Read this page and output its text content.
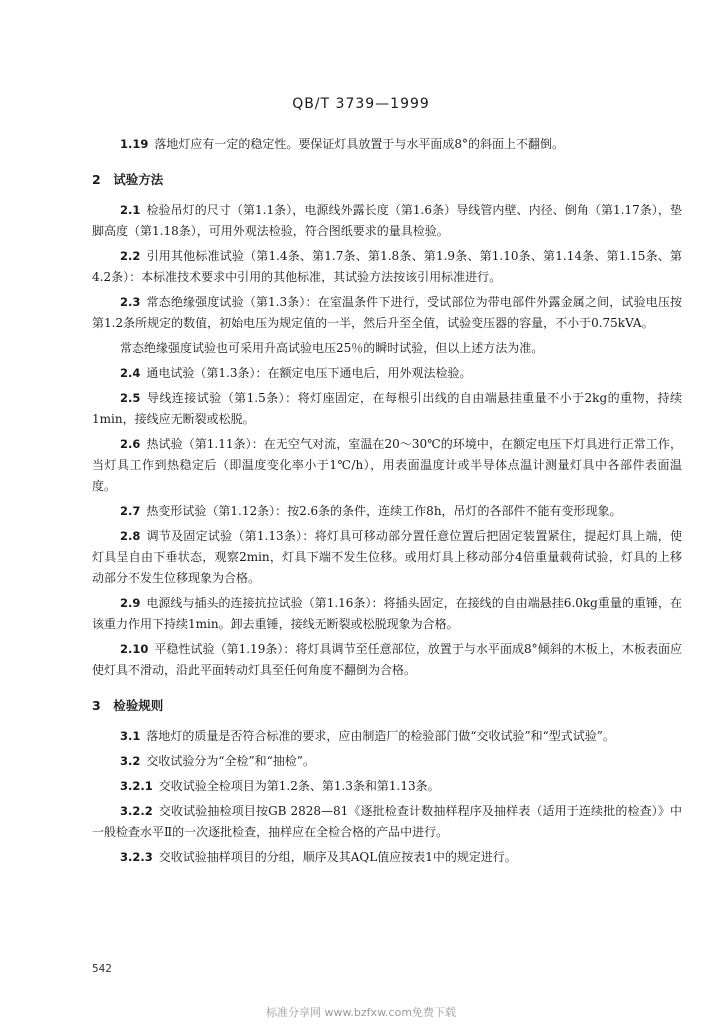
QB/T 3739—1999

1.19 落地灯应有一定的稳定性。要保证灯具放置于与水平面成8°的斜面上不翻倒。

2　试验方法

2.1 检验吊灯的尺寸（第1.1条），电源线外露长度（第1.6条）导线管内壁、内径、倒角（第1.17条），垫脚高度（第1.18条），可用外观法检验，符合图纸要求的量具检验。

2.2 引用其他标准试验（第1.4条、第1.7条、第1.8条、第1.9条、第1.10条、第1.14条、第1.15条、第4.2条）：本标准技术要求中引用的其他标准，其试验方法按该引用标准进行。

2.3 常态绝缘强度试验（第1.3条）：在室温条件下进行，受试部位为带电部件外露金属之间，试验电压按第1.2条所规定的数值，初始电压为规定值的一半，然后升至全值，试验变压器的容量，不小于0.75kVA。

常态绝缘强度试验也可采用升高试验电压25％的瞬时试验，但以上述方法为准。

2.4 通电试验（第1.3条）：在额定电压下通电后，用外观法检验。

2.5 导线连接试验（第1.5条）：将灯座固定，在每根引出线的自由端悬挂重量不小于2kg的重物，持续1min，接线应无断裂或松脱。

2.6 热试验（第1.11条）：在无空气对流，室温在20～30℃的环境中，在额定电压下灯具进行正常工作，当灯具工作到热稳定后（即温度变化率小于1℃/h），用表面温度计或半导体点温计测量灯具中各部件表面温度。

2.7 热变形试验（第1.12条）：按2.6条的条件，连续工作8h，吊灯的各部件不能有变形现象。

2.8 调节及固定试验（第1.13条）：将灯具可移动部分置任意位置后把固定装置紧住，提起灯具上端，使灯具呈自由下垂状态，观察2min，灯具下端不发生位移。或用灯具上移动部分4倍重量载荷试验，灯具的上移动部分不发生位移现象为合格。

2.9 电源线与插头的连接抗拉试验（第1.16条）：将插头固定，在接线的自由端悬挂6.0kg重量的重锤，在该重力作用下持续1min。卸去重锤，接线无断裂或松脱现象为合格。

2.10 平稳性试验（第1.19条）：将灯具调节至任意部位，放置于与水平面成8°倾斜的木板上，木板表面应使灯具不滑动，沿此平面转动灯具至任何角度不翻倒为合格。

3　检验规则

3.1 落地灯的质量是否符合标准的要求，应由制造厂的检验部门做“交收试验”和“型式试验”。

3.2 交收试验分为“全检”和“抽检”。

3.2.1 交收试验全检项目为第1.2条、第1.3条和第1.13条。

3.2.2 交收试验抽检项目按GB 2828—81《逐批检查计数抽样程序及抽样表（适用于连续批的检查）》中一般检查水平Ⅱ的一次逐批检查，抽样应在全检合格的产品中进行。

3.2.3 交收试验抽样项目的分组，顺序及其AQL值应按表1中的规定进行。

542
标准分享网 www.bzfxw.com免费下载
